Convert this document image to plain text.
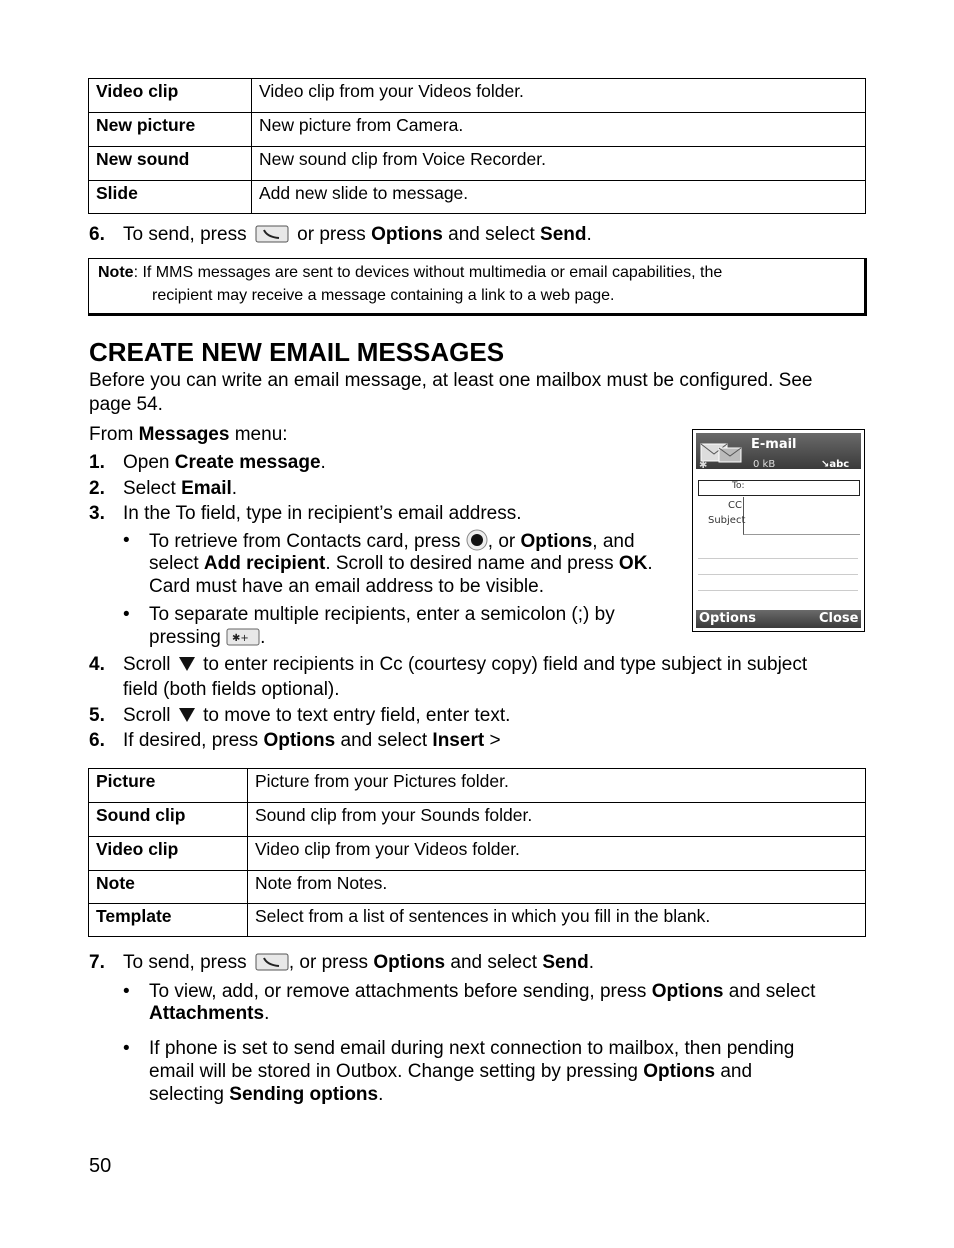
Video clip	Video clip from your Videos folder.
New picture	New picture from Camera.
New sound	New sound clip from Voice Recorder.
Slide	Add new slide to message.
6. To send, press	or press Options and select Send.
Note: If MMS messages are sent to devices without multimedia or email capabilities, the
recipient may receive a message containing a link to a web page.
CREATE NEW EMAIL MESSAGES
Before you can write an email message, at least one mailbox must be configured. See
page 54.
From Messages menu:	E-mail
✱	0 kB	↘abc
To:
CC
Subject
Options	Close
1. Open Create message.
2. Select Email.
3. In the To field, type in recipient’s email address.
• To retrieve from Contacts card, press , or Options, and
select Add recipient. Scroll to desired name and press OK.
Card must have an email address to be visible.
• To separate multiple recipients, enter a semicolon (;) by
pressing ✱+ .
4. Scroll to enter recipients in Cc (courtesy copy) field and type subject in subject
field (both fields optional).
5. Scroll to move to text entry field, enter text.
6. If desired, press Options and select Insert >
Picture	Picture from your Pictures folder.
Sound clip	Sound clip from your Sounds folder.
Video clip	Video clip from your Videos folder.
Note	Note from Notes.
Template	Select from a list of sentences in which you fill in the blank.
7. To send, press , or press Options and select Send.
• To view, add, or remove attachments before sending, press Options and select
Attachments.
• If phone is set to send email during next connection to mailbox, then pending
email will be stored in Outbox. Change setting by pressing Options and
selecting Sending options.
50
